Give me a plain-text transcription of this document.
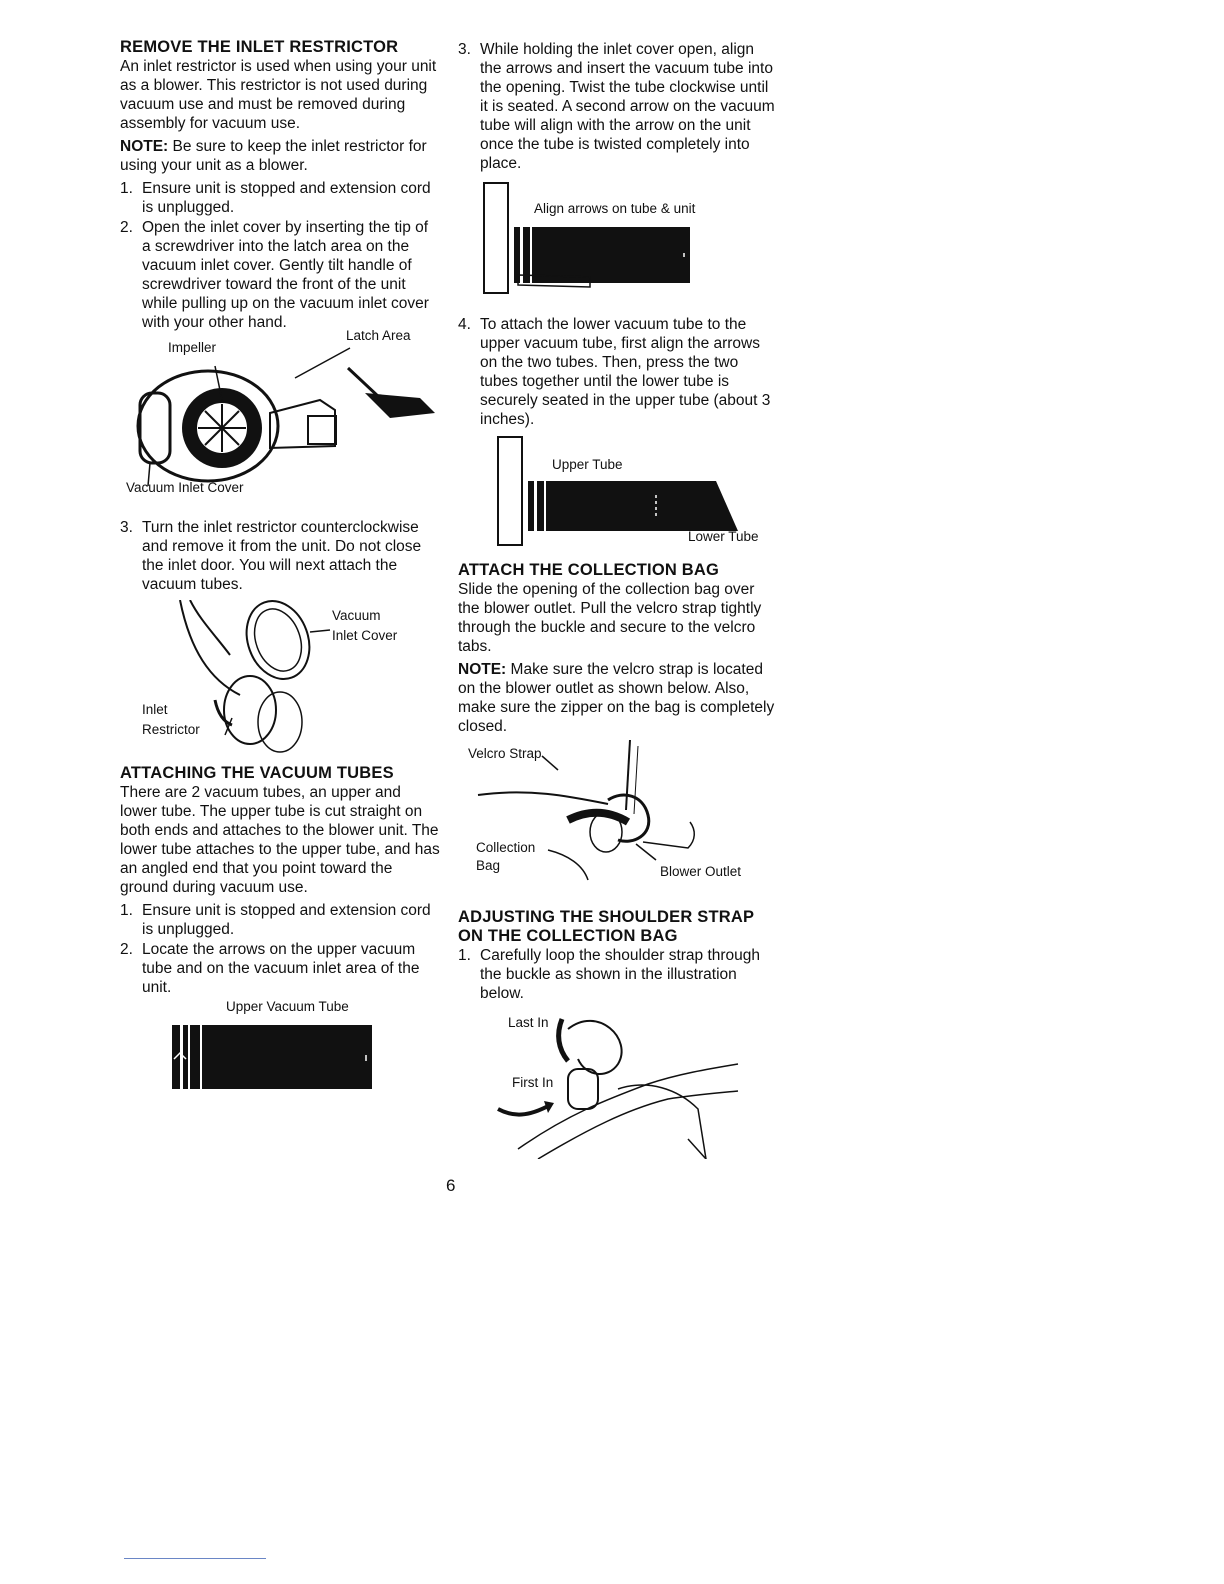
REMOVE THE INLET RESTRICTOR

An inlet restrictor is used when using your unit as a blower. This restrictor is not used during vacuum use and must be removed during assembly for vacuum use.

NOTE: Be sure to keep the inlet restrictor for using your unit as a blower.

1. Ensure unit is stopped and extension cord is unplugged.
2. Open the inlet cover by inserting the tip of a screwdriver into the latch area on the vacuum inlet cover. Gently tilt handle of screwdriver toward the front of the unit while pulling up on the vacuum inlet cover with your other hand.
Impeller
Latch Area
Vacuum Inlet Cover
3. Turn the inlet restrictor counterclockwise and remove it from the unit. Do not close the inlet door. You will next attach the vacuum tubes.
Vacuum
Inlet Cover
Inlet
Restrictor
ATTACHING THE VACUUM TUBES

There are 2 vacuum tubes, an upper and lower tube. The upper tube is cut straight on both ends and attaches to the blower unit. The lower tube attaches to the upper tube, and has an angled end that you point toward the ground during vacuum use.

1. Ensure unit is stopped and extension cord is unplugged.
2. Locate the arrows on the upper vacuum tube and on the vacuum inlet area of the unit.
Upper Vacuum Tube
3. While holding the inlet cover open, align the arrows and insert the vacuum tube into the opening. Twist the tube clockwise until it is seated. A second arrow on the vacuum tube will align with the arrow on the unit once the tube is twisted completely into place.
Align arrows on tube & unit
4. To attach the lower vacuum tube to the upper vacuum tube, first align the arrows on the two tubes. Then, press the two tubes together until the lower tube is securely seated in the upper tube (about 3 inches).
Upper Tube
Lower Tube
ATTACH THE COLLECTION BAG

Slide the opening of the collection bag over the blower outlet. Pull the velcro strap tightly through the buckle and secure to the velcro tabs.

NOTE: Make sure the velcro strap is located on the blower outlet as shown below. Also, make sure the zipper on the bag is completely closed.

Velcro Strap
Collection
Bag	Blower Outlet
ADJUSTING THE SHOULDER STRAP
ON THE COLLECTION BAG
1. Carefully loop the shoulder strap through the buckle as shown in the illustration below.
Last In
First In
6
